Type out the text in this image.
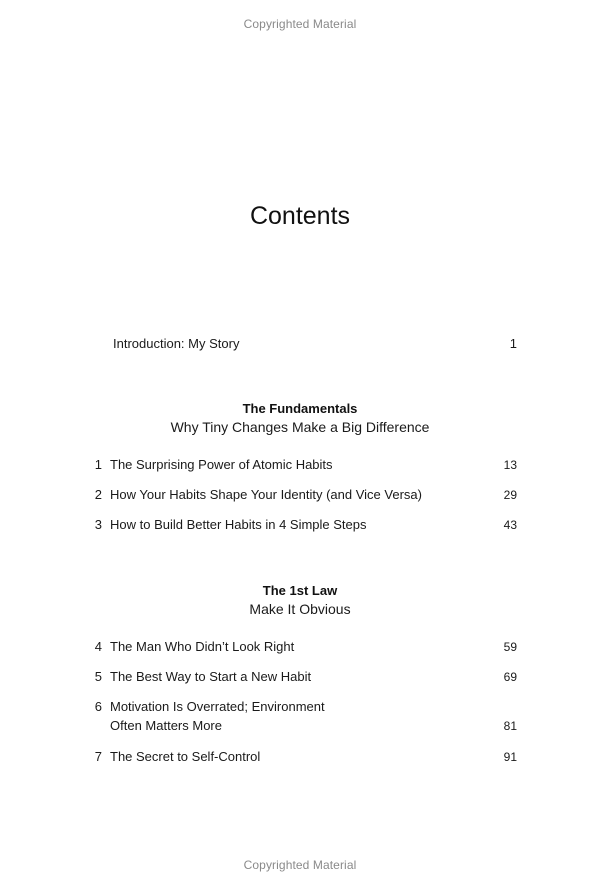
Copyrighted Material
Contents
Introduction: My Story	1
The Fundamentals
Why Tiny Changes Make a Big Difference
1 The Surprising Power of Atomic Habits	13
2 How Your Habits Shape Your Identity (and Vice Versa)	29
3 How to Build Better Habits in 4 Simple Steps	43
The 1st Law
Make It Obvious
4 The Man Who Didn’t Look Right	59
5 The Best Way to Start a New Habit	69
6 Motivation Is Overrated; Environment
Often Matters More	81
7 The Secret to Self-Control	91
Copyrighted Material
